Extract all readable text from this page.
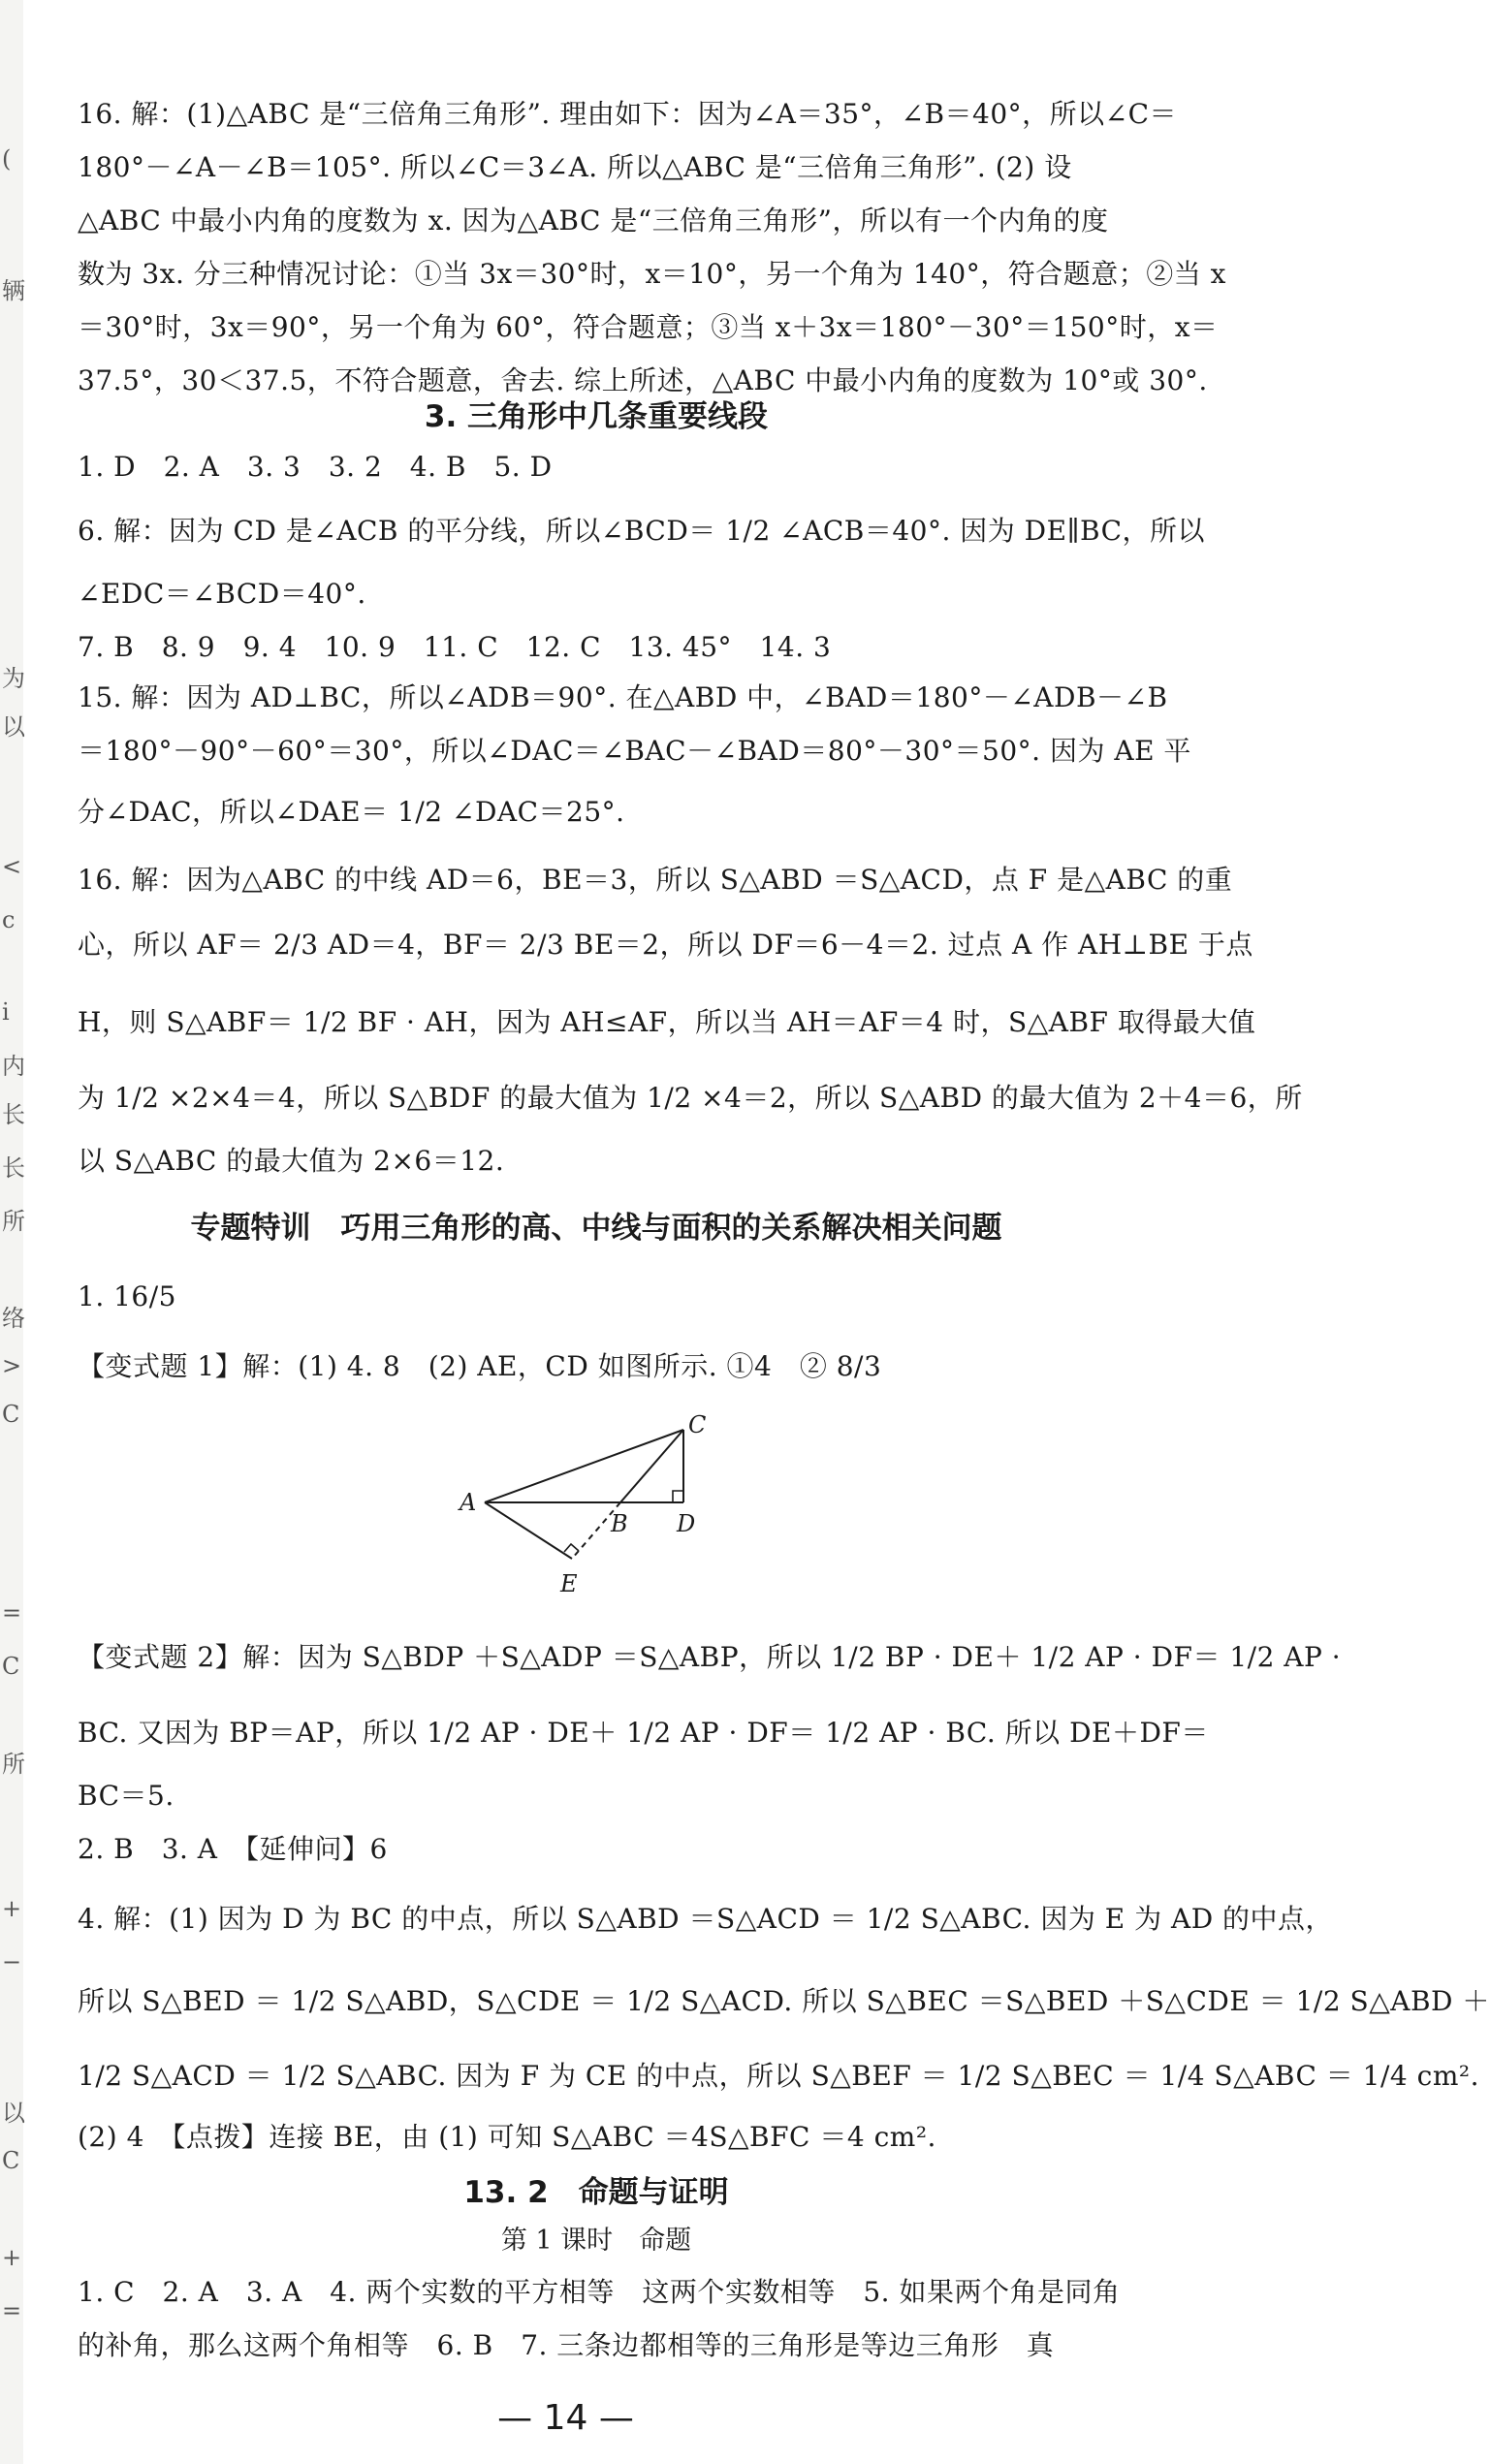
(
辆
为
以
<
c
ⅰ
内
长
长
所
络
>
C
=
C
所
+
−
以
C
+
=
16. 解：(1)△ABC 是“三倍角三角形”. 理由如下：因为∠A＝35°，∠B＝40°，所以∠C＝
180°－∠A－∠B＝105°. 所以∠C＝3∠A. 所以△ABC 是“三倍角三角形”. (2) 设
△ABC 中最小内角的度数为 x. 因为△ABC 是“三倍角三角形”，所以有一个内角的度
数为 3x. 分三种情况讨论：①当 3x＝30°时，x＝10°，另一个角为 140°，符合题意；②当 x
＝30°时，3x＝90°，另一个角为 60°，符合题意；③当 x＋3x＝180°－30°＝150°时，x＝
37.5°，30＜37.5，不符合题意，舍去. 综上所述，△ABC 中最小内角的度数为 10°或 30°.
3. 三角形中几条重要线段
1. D　2. A　3. 3　3. 2　4. B　5. D
6. 解：因为 CD 是∠ACB 的平分线，所以∠BCD＝ 1/2 ∠ACB＝40°. 因为 DE∥BC，所以
∠EDC＝∠BCD＝40°.
7. B　8. 9　9. 4　10. 9　11. C　12. C　13. 45°　14. 3
15. 解：因为 AD⊥BC，所以∠ADB＝90°. 在△ABD 中，∠BAD＝180°－∠ADB－∠B
＝180°－90°－60°＝30°，所以∠DAC＝∠BAC－∠BAD＝80°－30°＝50°. 因为 AE 平
分∠DAC，所以∠DAE＝ 1/2 ∠DAC＝25°.
16. 解：因为△ABC 的中线 AD＝6，BE＝3，所以 S△ABD ＝S△ACD，点 F 是△ABC 的重
心，所以 AF＝ 2/3 AD＝4，BF＝ 2/3 BE＝2，所以 DF＝6－4＝2. 过点 A 作 AH⊥BE 于点
H，则 S△ABF＝ 1/2 BF · AH，因为 AH≤AF，所以当 AH＝AF＝4 时，S△ABF 取得最大值
为 1/2 ×2×4＝4，所以 S△BDF 的最大值为 1/2 ×4＝2，所以 S△ABD 的最大值为 2＋4＝6，所
以 S△ABC 的最大值为 2×6＝12.
专题特训　巧用三角形的高、中线与面积的关系解决相关问题
1. 16/5
【变式题 1】解：(1) 4. 8　(2) AE，CD 如图所示. ①4　② 8/3
【变式题 2】解：因为 S△BDP ＋S△ADP ＝S△ABP，所以 1/2 BP · DE＋ 1/2 AP · DF＝ 1/2 AP ·
BC. 又因为 BP＝AP，所以 1/2 AP · DE＋ 1/2 AP · DF＝ 1/2 AP · BC. 所以 DE＋DF＝
BC＝5.
2. B　3. A　【延伸问】6
4. 解：(1) 因为 D 为 BC 的中点，所以 S△ABD ＝S△ACD ＝ 1/2 S△ABC. 因为 E 为 AD 的中点，
所以 S△BED ＝ 1/2 S△ABD，S△CDE ＝ 1/2 S△ACD. 所以 S△BEC ＝S△BED ＋S△CDE ＝ 1/2 S△ABD ＋
1/2 S△ACD ＝ 1/2 S△ABC. 因为 F 为 CE 的中点，所以 S△BEF ＝ 1/2 S△BEC ＝ 1/4 S△ABC ＝ 1/4 cm².
(2) 4　【点拨】连接 BE，由 (1) 可知 S△ABC ＝4S△BFC ＝4 cm².
13. 2　命题与证明
第 1 课时　命题
1. C　2. A　3. A　4. 两个实数的平方相等　这两个实数相等　5. 如果两个角是同角
的补角，那么这两个角相等　6. B　7. 三条边都相等的三角形是等边三角形　真
A
B
C
D
E
— 14 —
